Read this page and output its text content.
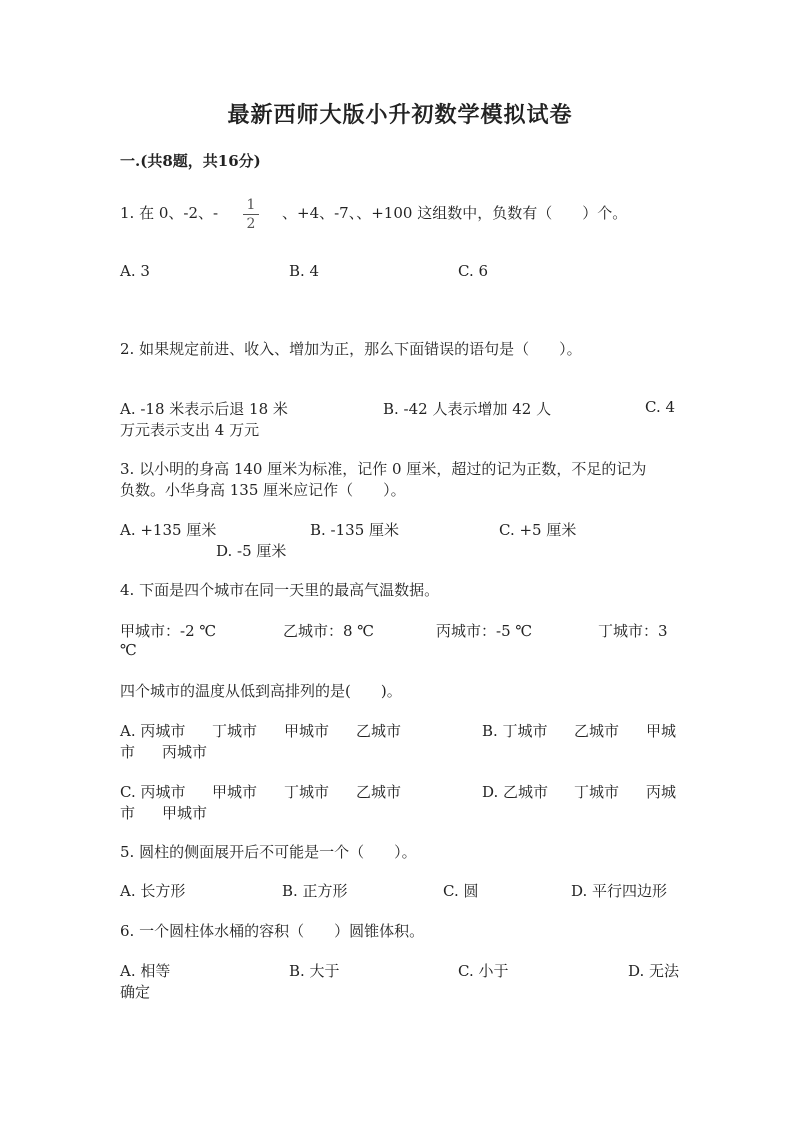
最新西师大版小升初数学模拟试卷
一.(共8题，共16分)
1. 在 0、-2、- 1
2
、+4、-7、、+100 这组数中，负数有（　　）个。
A. 3	B. 4	C. 6
2. 如果规定前进、收入、增加为正，那么下面错误的语句是（　　）。
A. -18 米表示后退 18 米	B. -42 人表示增加 42 人	C. 4
万元表示支出 4 万元
3. 以小明的身高 140 厘米为标准，记作 0 厘米，超过的记为正数，不足的记为
负数。小华身高 135 厘米应记作（　　）。
A. +135 厘米	B. -135 厘米	C. +5 厘米
D. -5 厘米
4. 下面是四个城市在同一天里的最高气温数据。
甲城市：-2 ℃	乙城市：8 ℃	丙城市：-5 ℃	丁城市：3
℃
四个城市的温度从低到高排列的是(　　)。
A. 丙城市 丁城市 甲城市 乙城市	B. 丁城市 乙城市 甲城
市 丙城市
C. 丙城市 甲城市 丁城市 乙城市	D. 乙城市 丁城市 丙城
市 甲城市
5. 圆柱的侧面展开后不可能是一个（　　）。
A. 长方形	B. 正方形	C. 圆	D. 平行四边形
6. 一个圆柱体水桶的容积（　　）圆锥体积。
A. 相等	B. 大于	C. 小于	D. 无法
确定
